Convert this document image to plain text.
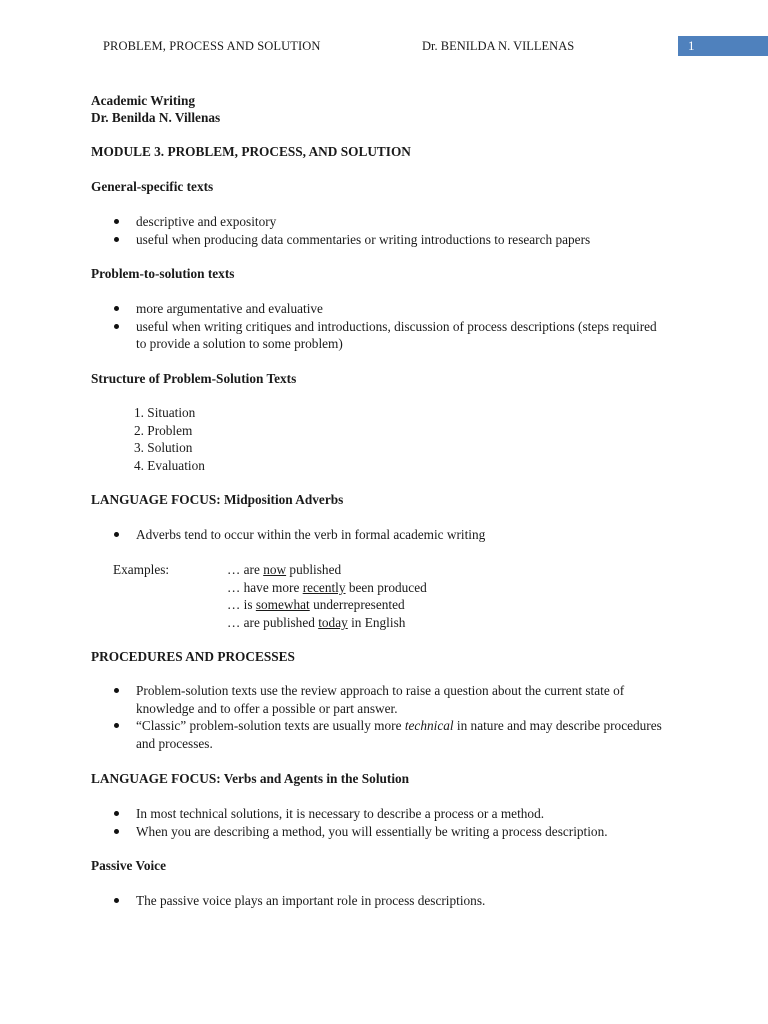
PROBLEM, PROCESS AND SOLUTION	Dr. BENILDA N. VILLENAS	1
Academic Writing
Dr. Benilda N. Villenas
MODULE 3. PROBLEM, PROCESS, AND SOLUTION
General-specific texts
descriptive and expository
useful when producing data commentaries or writing introductions to research papers
Problem-to-solution texts
more argumentative and evaluative
useful when writing critiques and introductions, discussion of process descriptions (steps required to provide a solution to some problem)
Structure of Problem-Solution Texts
1. Situation
2. Problem
3. Solution
4. Evaluation
LANGUAGE FOCUS: Midposition Adverbs
Adverbs tend to occur within the verb in formal academic writing
Examples:	… are now published
… have more recently been produced
… is somewhat underrepresented
… are published today in English
PROCEDURES AND PROCESSES
Problem-solution texts use the review approach to raise a question about the current state of knowledge and to offer a possible or part answer.
“Classic” problem-solution texts are usually more technical in nature and may describe procedures and processes.
LANGUAGE FOCUS: Verbs and Agents in the Solution
In most technical solutions, it is necessary to describe a process or a method.
When you are describing a method, you will essentially be writing a process description.
Passive Voice
The passive voice plays an important role in process descriptions.
